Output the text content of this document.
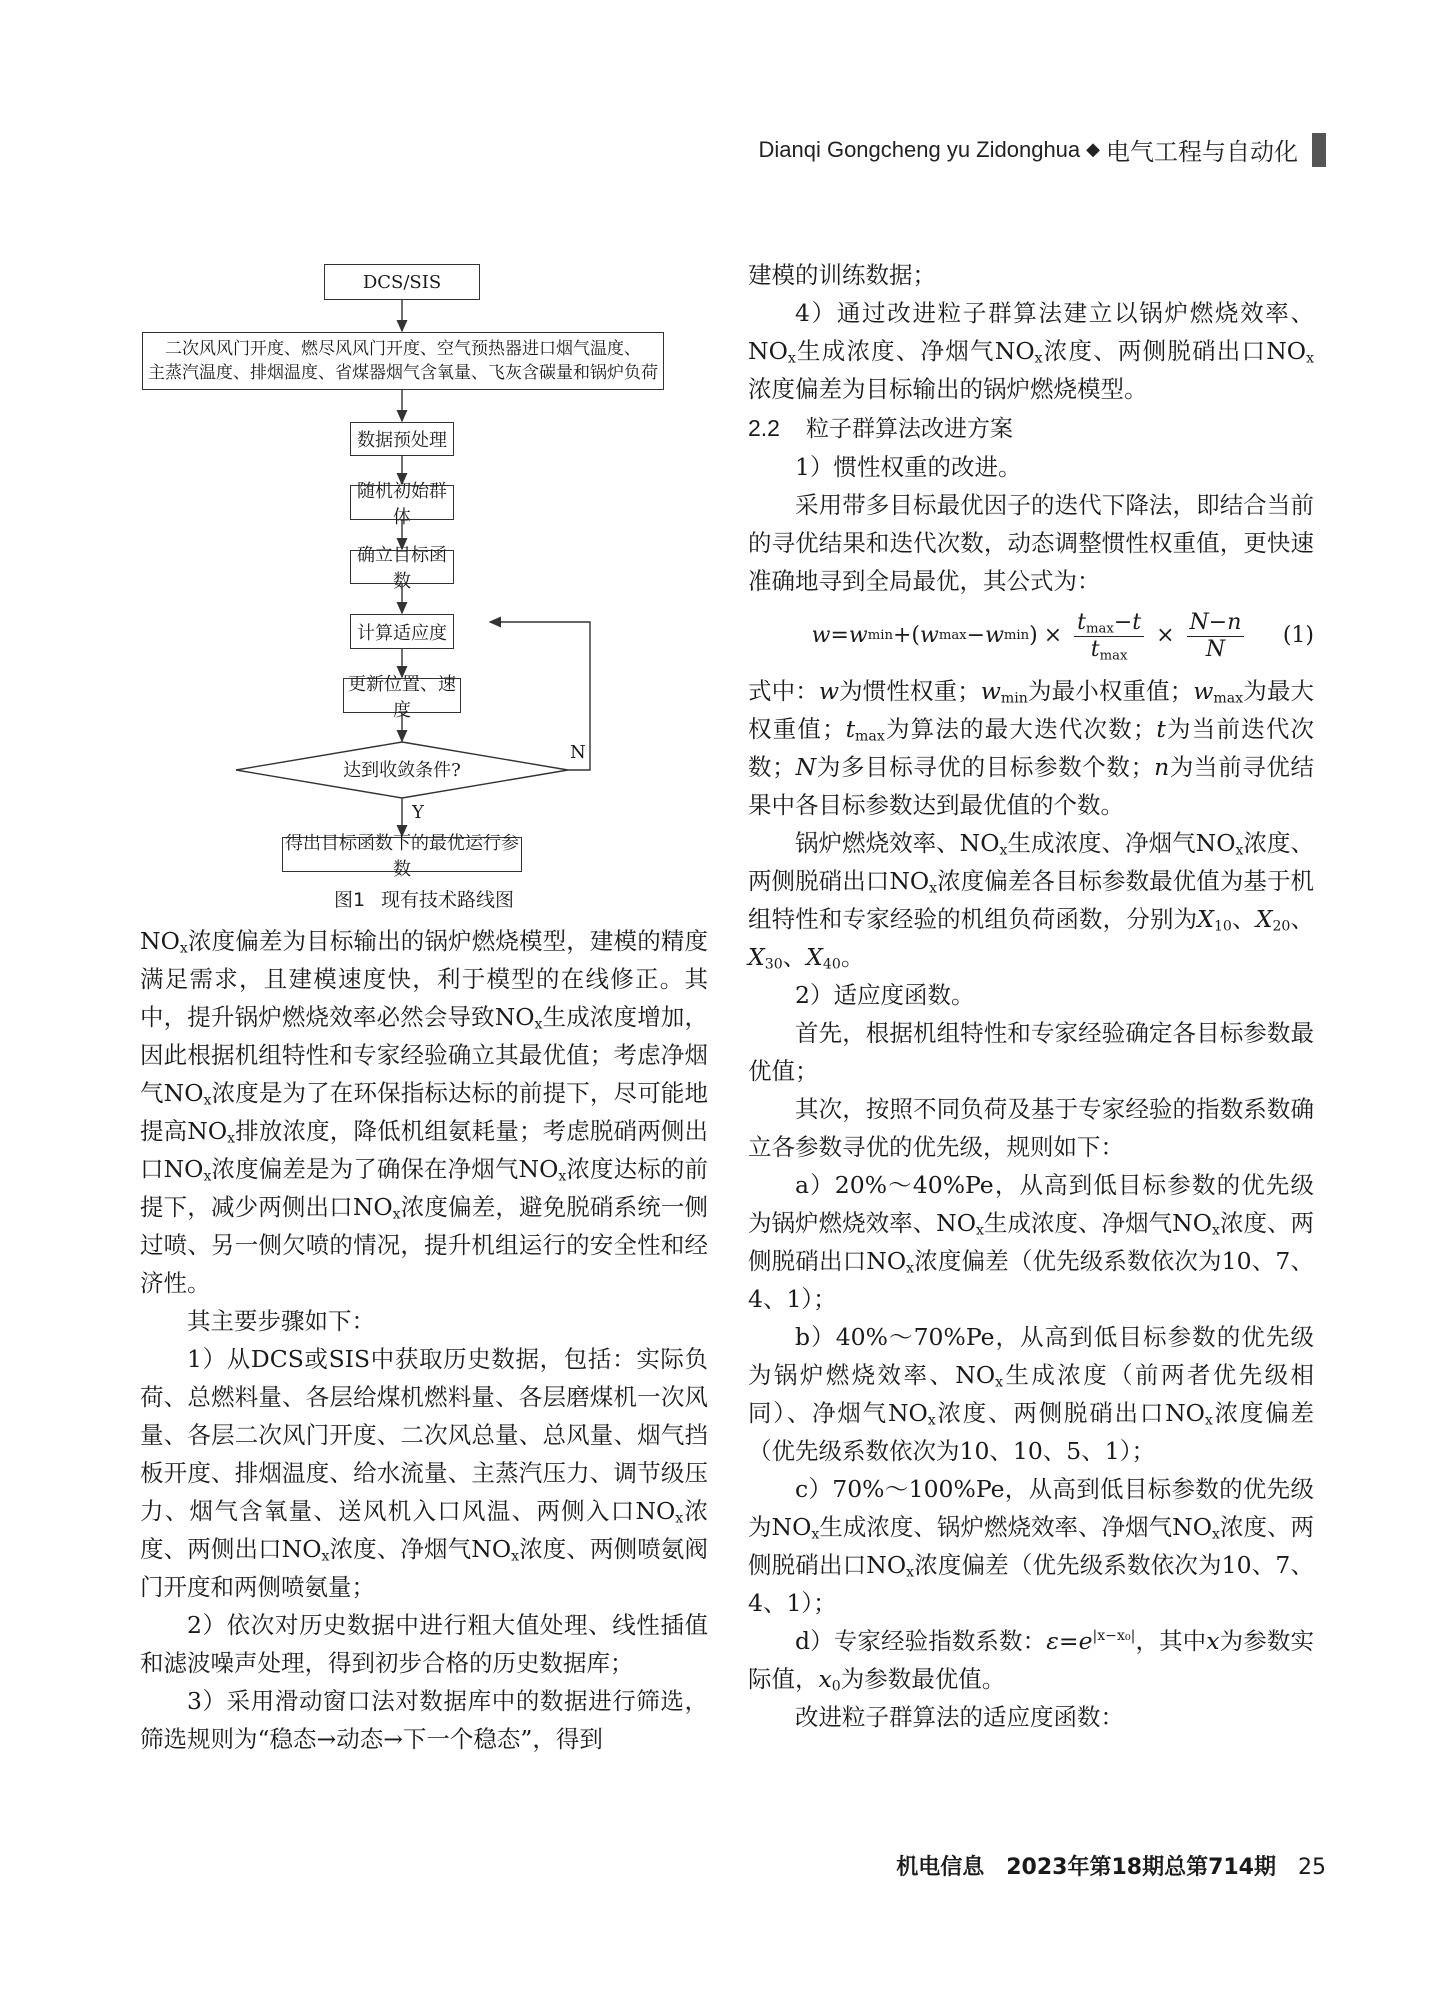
Dianqi Gongcheng yu Zidonghua ◆ 电气工程与自动化
DCS/SIS
二次风风门开度、燃尽风风门开度、空气预热器进口烟气温度、
主蒸汽温度、排烟温度、省煤器烟气含氧量、飞灰含碳量和锅炉负荷
数据预处理
随机初始群体
确立目标函数
计算适应度
更新位置、速度
达到收敛条件?
N
Y
得出目标函数下的最优运行参数
图1 现有技术路线图

$NO_x$浓度偏差为目标输出的锅炉燃烧模型，建模的精度满足需求，且建模速度快，利于模型的在线修正。其中，提升锅炉燃烧效率必然会导致$NO_x$生成浓度增加，因此根据机组特性和专家经验确立其最优值；考虑净烟气$NO_x$浓度是为了在环保指标达标的前提下，尽可能地提高$NO_x$排放浓度，降低机组氨耗量；考虑脱硝两侧出口$NO_x$浓度偏差是为了确保在净烟气$NO_x$浓度达标的前提下，减少两侧出口$NO_x$浓度偏差，避免脱硝系统一侧过喷、另一侧欠喷的情况，提升机组运行的安全性和经济性。

其主要步骤如下：

1）从DCS或SIS中获取历史数据，包括：实际负荷、总燃料量、各层给煤机燃料量、各层磨煤机一次风量、各层二次风门开度、二次风总量、总风量、烟气挡板开度、排烟温度、给水流量、主蒸汽压力、调节级压力、烟气含氧量、送风机入口风温、两侧入口$NO_x$浓度、两侧出口$NO_x$浓度、净烟气$NO_x$浓度、两侧喷氨阀门开度和两侧喷氨量；

2）依次对历史数据中进行粗大值处理、线性插值和滤波噪声处理，得到初步合格的历史数据库；

3）采用滑动窗口法对数据库中的数据进行筛选，筛选规则为“稳态→动态→下一个稳态”，得到

建模的训练数据；

4）通过改进粒子群算法建立以锅炉燃烧效率、$NO_x$生成浓度、净烟气$NO_x$浓度、两侧脱硝出口$NO_x$浓度偏差为目标输出的锅炉燃烧模型。

2.2 粒子群算法改进方案

1）惯性权重的改进。

采用带多目标最优因子的迭代下降法，即结合当前的寻优结果和迭代次数，动态调整惯性权重值，更快速准确地寻到全局最优，其公式为：

w = w min +( w max − w min ) × $\frac{t_{max}-t}{t_{max}} \times \frac{N-n}{N} (1)$

式中：w为惯性权重；$w_{min}$为最小权重值；$w_{max}$为最大权重值；$t_{max}$为算法的最大迭代次数；t为当前迭代次数；N为多目标寻优的目标参数个数；n为当前寻优结果中各目标参数达到最优值的个数。

锅炉燃烧效率、$NO_x$生成浓度、净烟气$NO_x$浓度、两侧脱硝出口$NO_x$浓度偏差各目标参数最优值为基于机组特性和专家经验的机组负荷函数，分别为$X_{10}$、$X_{20}$、$X_{30}$、$X_{40}$。

2）适应度函数。

首先，根据机组特性和专家经验确定各目标参数最优值；

其次，按照不同负荷及基于专家经验的指数系数确立各参数寻优的优先级，规则如下：

a）20%～40%Pe，从高到低目标参数的优先级为锅炉燃烧效率、$NO_x$生成浓度、净烟气$NO_x$浓度、两侧脱硝出口$NO_x$浓度偏差（优先级系数依次为10、7、4、1）；

b）40%～70%Pe，从高到低目标参数的优先级为锅炉燃烧效率、$NO_x$生成浓度（前两者优先级相同）、净烟气$NO_x$浓度、两侧脱硝出口$NO_x$浓度偏差（优先级系数依次为10、10、5、1）；

c）70%～100%Pe，从高到低目标参数的优先级为$NO_x$生成浓度、锅炉燃烧效率、净烟气$NO_x$浓度、两侧脱硝出口$NO_x$浓度偏差（优先级系数依次为10、7、4、1）；

d）专家经验指数系数：$\varepsilon=e^{|x-x_0|}$，其中x为参数实际值，$x_0$为参数最优值。

改进粒子群算法的适应度函数：

机电信息　2023年第18期总第714期 25
